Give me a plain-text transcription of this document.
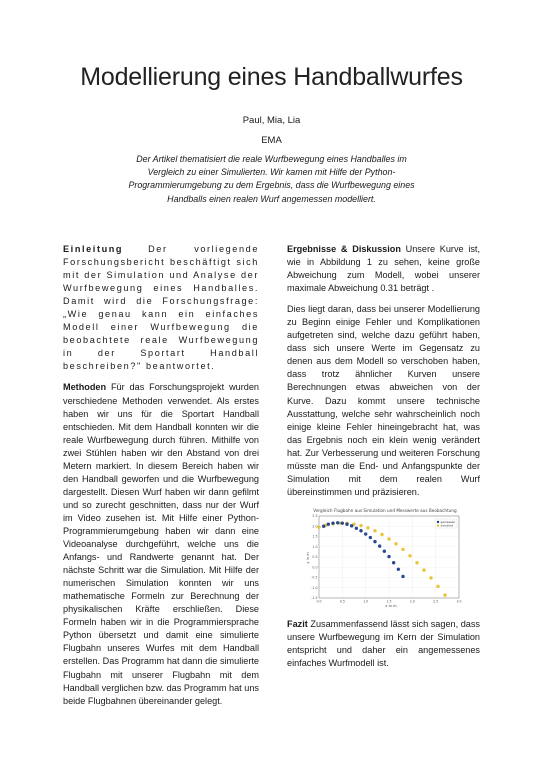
Modellierung eines Handballwurfes
Paul, Mia, Lia
EMA
Der Artikel thematisiert die reale Wurfbewegung eines Handballes im Vergleich zu einer Simulierten. Wir kamen mit Hilfe der Python-Programmierumgebung zu dem Ergebnis, dass die Wurfbewegung eines Handballs einen realen Wurf angemessen modelliert.

Einleitung	Der vorliegende Forschungsbericht beschäftigt sich mit der Simulation und Analyse der Wurfbewegung eines Handballes. Damit wird die Forschungsfrage: „Wie genau kann ein einfaches Modell einer Wurfbewegung die beobachtete reale Wurfbewegung in der Sportart Handball beschreiben?" beantwortet.

Methoden Für das Forschungsprojekt wurden verschiedene Methoden verwendet. Als erstes haben wir uns für die Sportart Handball entschieden. Mit dem Handball konnten wir die reale Wurfbewegung durch führen. Mithilfe von zwei Stühlen haben wir den Abstand von drei Metern markiert. In diesem Bereich haben wir den Handball geworfen und die Wurfbewegung dargestellt. Diesen Wurf haben wir dann gefilmt und so zurecht geschnitten, dass nur der Wurf im Video zusehen ist. Mit Hilfe einer Python-Programmierumgebung haben wir dann eine Videoanalyse durchgeführt, welche uns die Anfangs- und Randwerte genannt hat. Der nächste Schritt war die Simulation. Mit Hilfe der numerischen Simulation konnten wir uns mathematische Formeln zur Berechnung der physikalischen Kräfte erschließen. Diese Formeln haben wir in die Programmiersprache Python übersetzt und damit eine simulierte Flugbahn unseres Wurfes mit dem Handball erstellen. Das Programm hat dann die simulierte Flugbahn mit unserer Flugbahn mit dem Handball verglichen bzw. das Programm hat uns beide Flugbahnen übereinander gelegt.

Ergebnisse & Diskussion Unsere Kurve ist, wie in Abbildung 1 zu sehen, keine große Abweichung zum Modell, wobei unserer maximale Abweichung 0.31 beträgt .

Dies liegt daran, dass bei unserer Modellierung zu Beginn einige Fehler und Komplikationen aufgetreten sind, welche dazu geführt haben, dass sich unsere Werte im Gegensatz zu denen aus dem Modell so verschoben haben, dass trotz ähnlicher Kurven unsere Berechnungen etwas abweichen von der Kurve. Dazu kommt unsere technische Ausstattung, welche sehr wahrscheinlich noch einige kleine Fehler hineingebracht hat, was das Ergebnis noch ein klein wenig verändert hat. Zur Verbesserung und weiteren Forschung müsste man die End- und Anfangspunkte der Simulation mit dem realen Wurf übereinstimmen und präzisieren.

Vergleich Flugbahn aus Simulation und Messwerte aus Beobachtung
0.0	0.5	1.0	1.5	2.0	2.5	3.0
2.5
2.0
1.5
1.0
0.5
0.0
-0.5
-1.0
-1.5
gemessen
simuliert
x in m
y in m
Fazit Zusammenfassend lässt sich sagen, dass unsere Wurfbewegung im Kern der Simulation entspricht und daher ein angemessenes einfaches Wurfmodell ist.
